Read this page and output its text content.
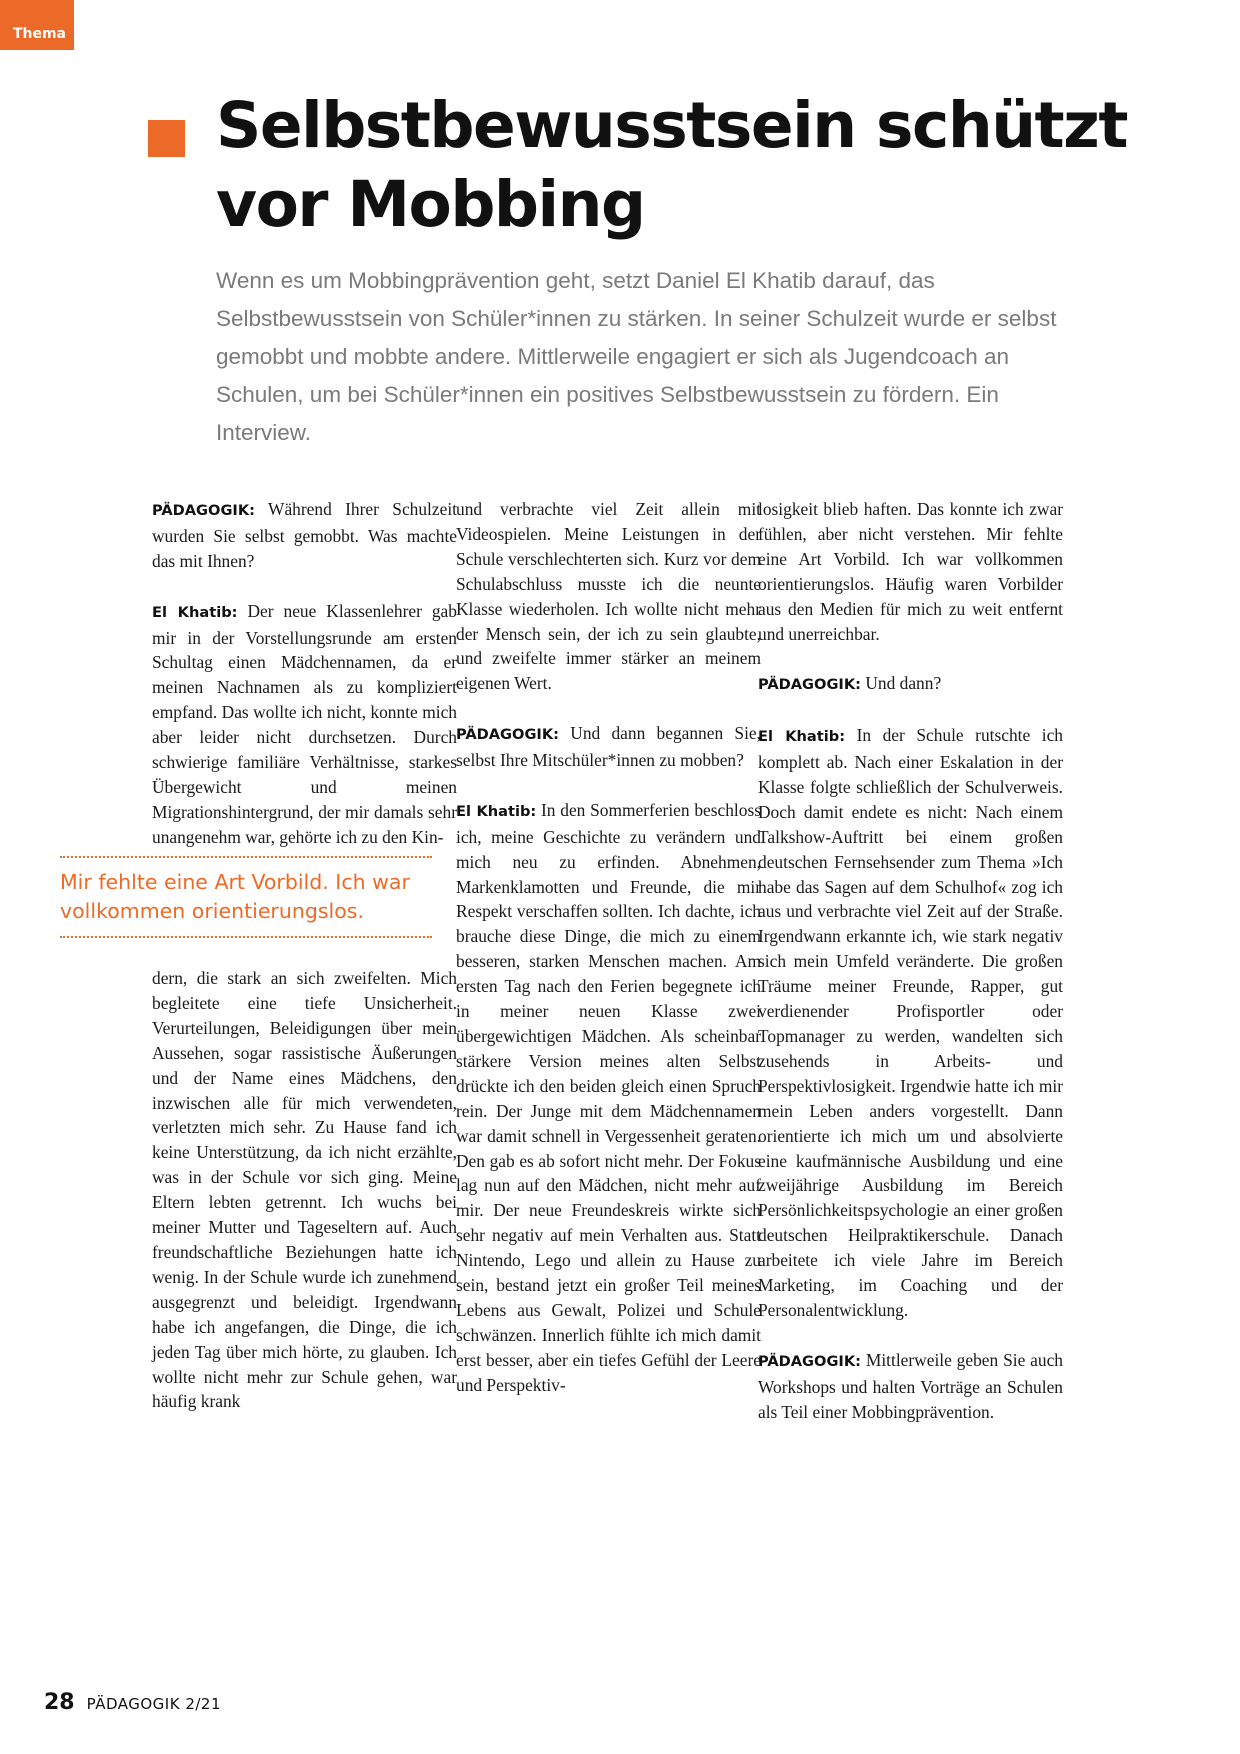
Thema
Selbstbewusstsein schützt vor Mobbing

Wenn es um Mobbingprävention geht, setzt Daniel El Khatib darauf, das Selbstbewusstsein von Schüler*innen zu stärken. In seiner Schulzeit wurde er selbst gemobbt und mobbte andere. Mittlerweile engagiert er sich als Jugendcoach an Schulen, um bei Schüler*innen ein positives Selbstbewusstsein zu fördern. Ein Interview.

PÄDAGOGIK: Während Ihrer Schulzeit wurden Sie selbst gemobbt. Was machte das mit Ihnen?

El Khatib: Der neue Klassenlehrer gab mir in der Vorstellungsrunde am ersten Schultag einen Mädchennamen, da er meinen Nachnamen als zu kompliziert empfand. Das wollte ich nicht, konnte mich aber leider nicht durchsetzen. Durch schwierige familiäre Verhältnisse, starkes Übergewicht und meinen Migrationshintergrund, der mir damals sehr unangenehm war, gehörte ich zu den Kin-

Mir fehlte eine Art Vorbild. Ich war vollkommen orientierungslos.

dern, die stark an sich zweifelten. Mich begleitete eine tiefe Unsicherheit. Verurteilungen, Beleidigungen über mein Aussehen, sogar rassistische Äußerungen und der Name eines Mädchens, den inzwischen alle für mich verwendeten, verletzten mich sehr. Zu Hause fand ich keine Unterstützung, da ich nicht erzählte, was in der Schule vor sich ging. Meine Eltern lebten getrennt. Ich wuchs bei meiner Mutter und Tageseltern auf. Auch freundschaftliche Beziehungen hatte ich wenig. In der Schule wurde ich zunehmend ausgegrenzt und beleidigt. Irgendwann habe ich angefangen, die Dinge, die ich jeden Tag über mich hörte, zu glauben. Ich wollte nicht mehr zur Schule gehen, war häufig krank

und verbrachte viel Zeit allein mit Videospielen. Meine Leistungen in der Schule verschlechterten sich. Kurz vor dem Schulabschluss musste ich die neunte Klasse wiederholen. Ich wollte nicht mehr der Mensch sein, der ich zu sein glaubte, und zweifelte immer stärker an meinem eigenen Wert.

PÄDAGOGIK: Und dann begannen Sie, selbst Ihre Mitschüler*innen zu mobben?

El Khatib: In den Sommerferien beschloss ich, meine Geschichte zu verändern und mich neu zu erfinden. Abnehmen, Markenklamotten und Freunde, die mir Respekt verschaffen sollten. Ich dachte, ich brauche diese Dinge, die mich zu einem besseren, starken Menschen machen. Am ersten Tag nach den Ferien begegnete ich in meiner neuen Klasse zwei übergewichtigen Mädchen. Als scheinbar stärkere Version meines alten Selbst drückte ich den beiden gleich einen Spruch rein. Der Junge mit dem Mädchennamen war damit schnell in Vergessenheit geraten. Den gab es ab sofort nicht mehr. Der Fokus lag nun auf den Mädchen, nicht mehr auf mir. Der neue Freundeskreis wirkte sich sehr negativ auf mein Verhalten aus. Statt Nintendo, Lego und allein zu Hause zu sein, bestand jetzt ein großer Teil meines Lebens aus Gewalt, Polizei und Schule schwänzen. Innerlich fühlte ich mich damit erst besser, aber ein tiefes Gefühl der Leere und Perspektiv-

losigkeit blieb haften. Das konnte ich zwar fühlen, aber nicht verstehen. Mir fehlte eine Art Vorbild. Ich war vollkommen orientierungslos. Häufig waren Vorbilder aus den Medien für mich zu weit entfernt und unerreichbar.

PÄDAGOGIK: Und dann?

El Khatib: In der Schule rutschte ich komplett ab. Nach einer Eskalation in der Klasse folgte schließlich der Schulverweis. Doch damit endete es nicht: Nach einem Talkshow-Auftritt bei einem großen deutschen Fernsehsender zum Thema »Ich habe das Sagen auf dem Schulhof« zog ich aus und verbrachte viel Zeit auf der Straße. Irgendwann erkannte ich, wie stark negativ sich mein Umfeld veränderte. Die großen Träume meiner Freunde, Rapper, gut verdienender Profisportler oder Topmanager zu werden, wandelten sich zusehends in Arbeits- und Perspektivlosigkeit. Irgendwie hatte ich mir mein Leben anders vorgestellt. Dann orientierte ich mich um und absolvierte eine kaufmännische Ausbildung und eine zweijährige Ausbildung im Bereich Persönlichkeitspsychologie an einer großen deutschen Heilpraktikerschule. Danach arbeitete ich viele Jahre im Bereich Marketing, im Coaching und der Personalentwicklung.

PÄDAGOGIK: Mittlerweile geben Sie auch Workshops und halten Vorträge an Schulen als Teil einer Mobbingprävention.

28 PÄDAGOGIK 2/21
